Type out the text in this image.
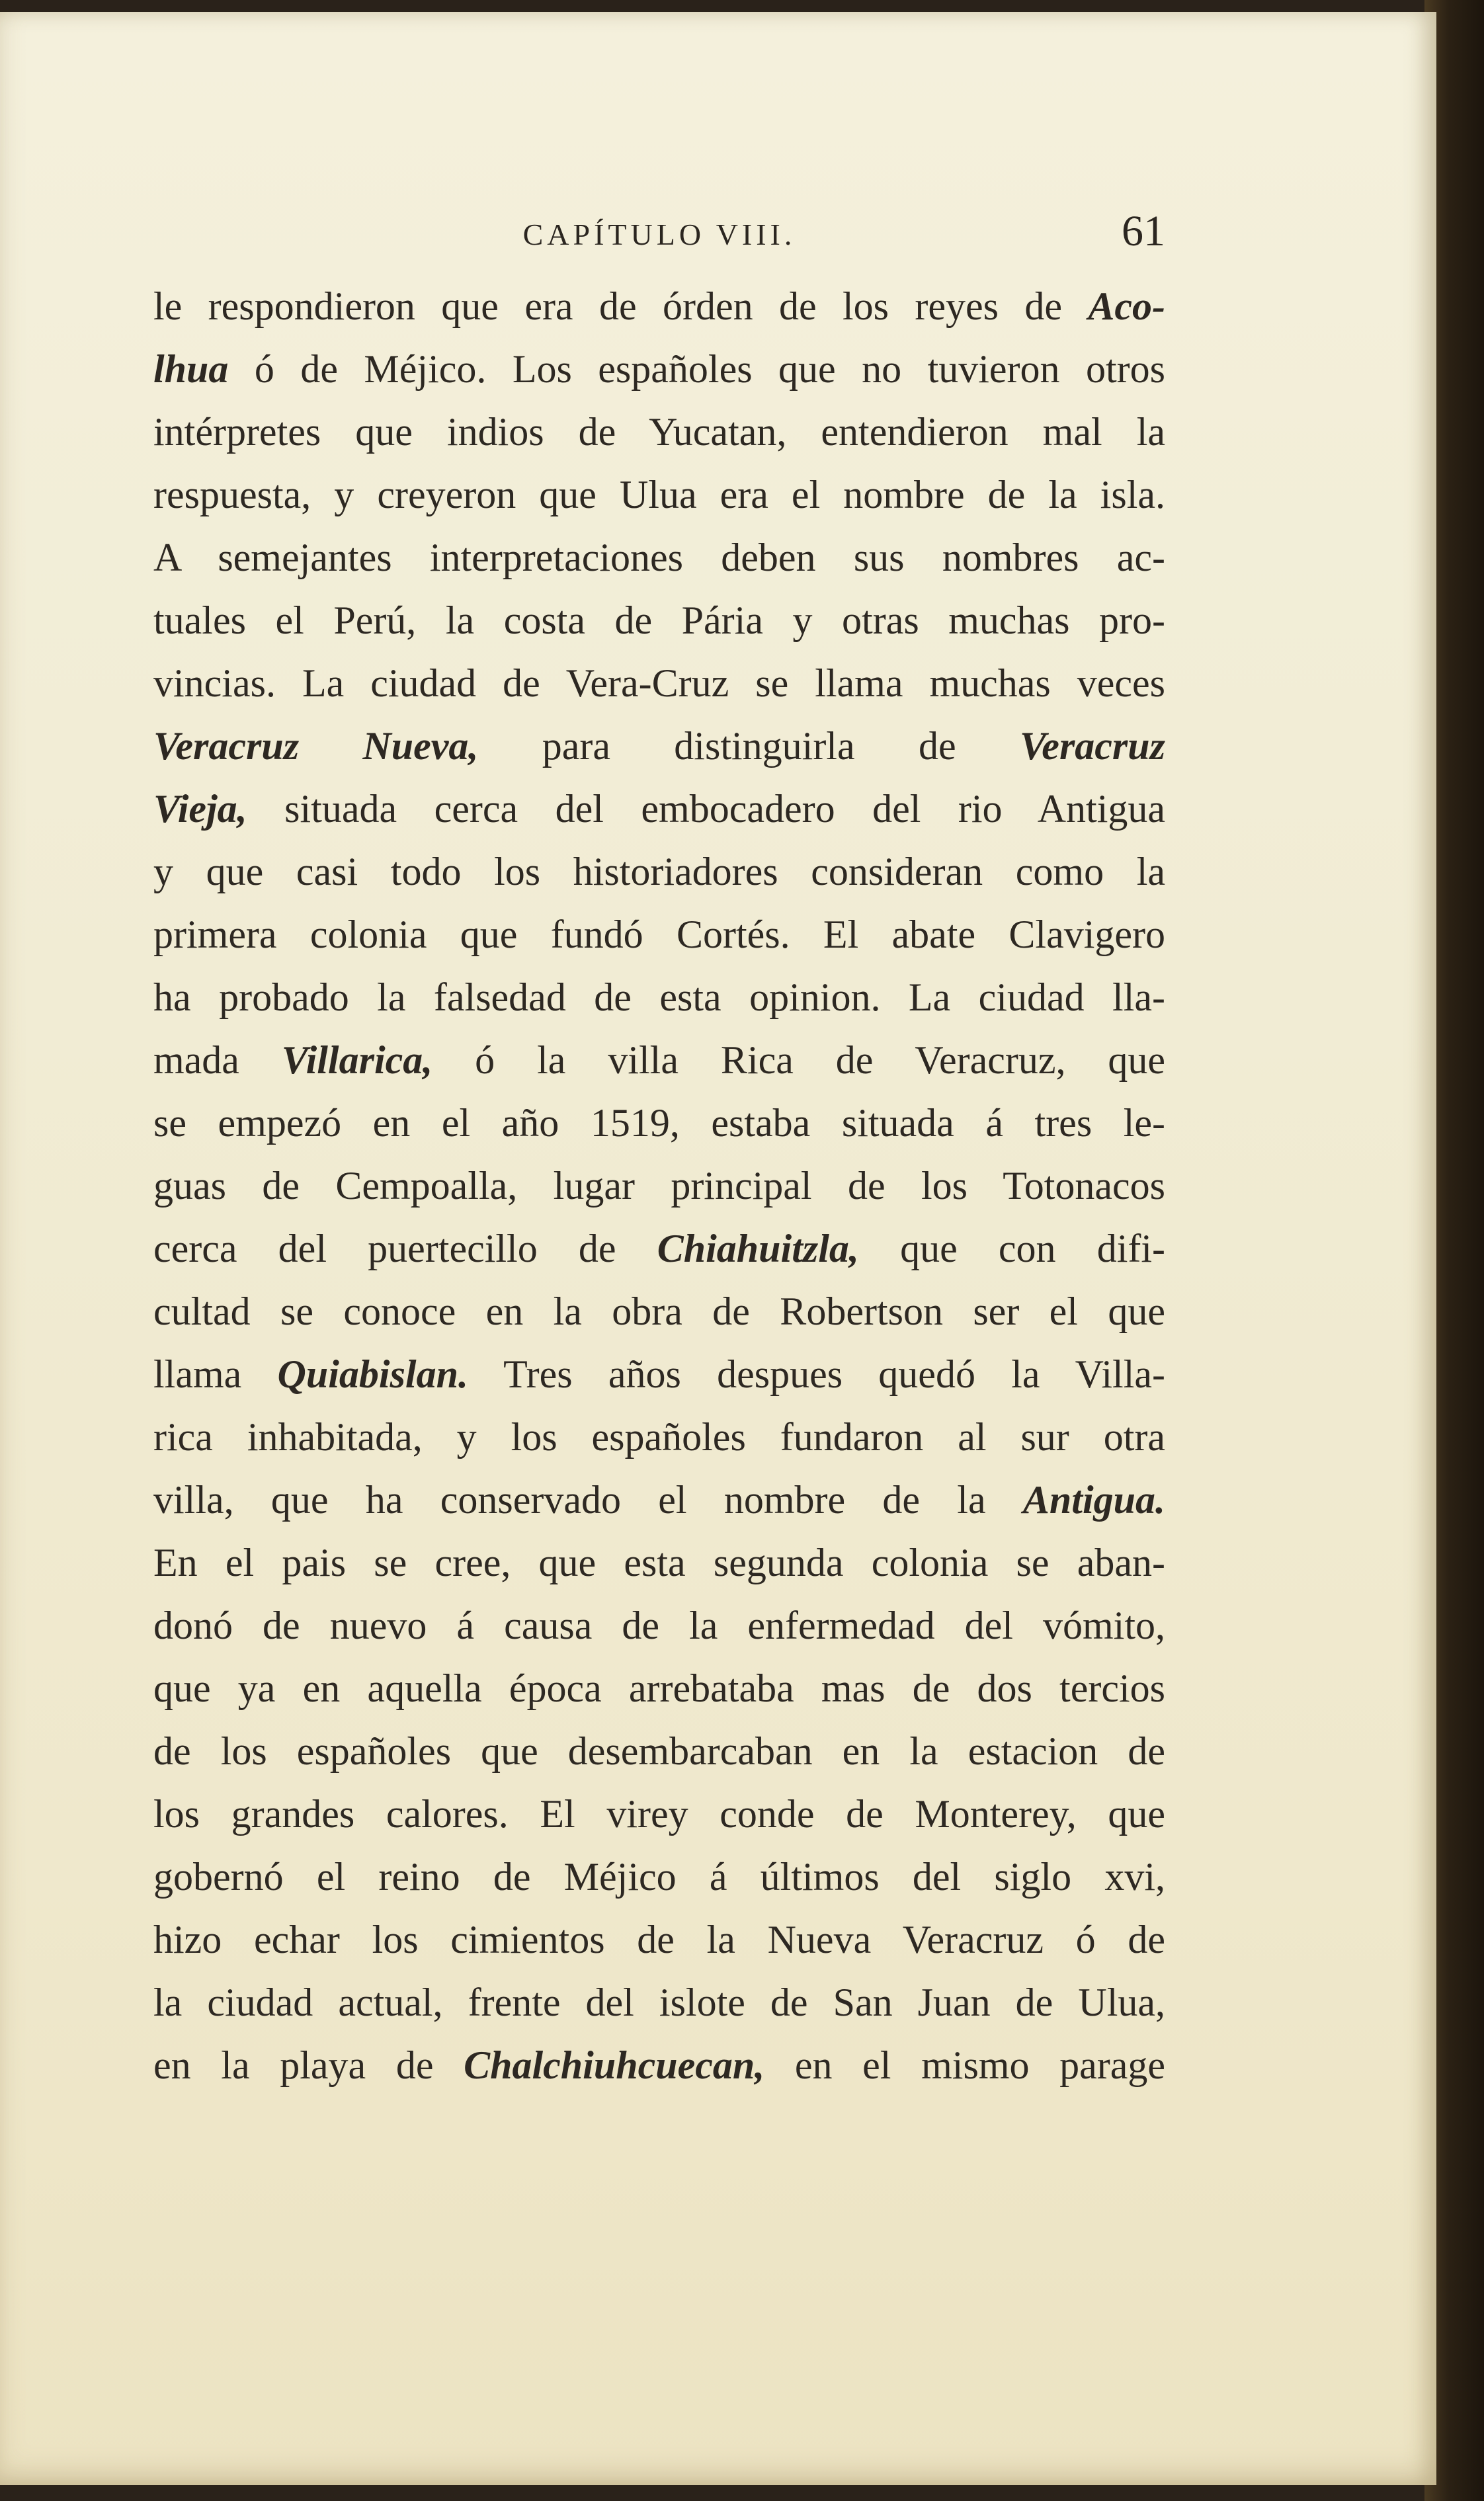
CAPÍTULO VIII.	61
le respondieron que era de órden de los reyes de Aco-
lhua ó de Méjico. Los españoles que no tuvieron otros
intérpretes que indios de Yucatan, entendieron mal la
respuesta, y creyeron que Ulua era el nombre de la isla.
A semejantes interpretaciones deben sus nombres ac-
tuales el Perú, la costa de Pária y otras muchas pro-
vincias. La ciudad de Vera-Cruz se llama muchas veces
Veracruz Nueva, para distinguirla de Veracruz
Vieja, situada cerca del embocadero del rio Antigua
y que casi todo los historiadores consideran como la
primera colonia que fundó Cortés. El abate Clavigero
ha probado la falsedad de esta opinion. La ciudad lla-
mada Villarica, ó la villa Rica de Veracruz, que
se empezó en el año 1519, estaba situada á tres le-
guas de Cempoalla, lugar principal de los Totonacos
cerca del puertecillo de Chiahuitzla, que con difi-
cultad se conoce en la obra de Robertson ser el que
llama Quiabislan. Tres años despues quedó la Villa-
rica inhabitada, y los españoles fundaron al sur otra
villa, que ha conservado el nombre de la Antigua.
En el pais se cree, que esta segunda colonia se aban-
donó de nuevo á causa de la enfermedad del vómito,
que ya en aquella época arrebataba mas de dos tercios
de los españoles que desembarcaban en la estacion de
los grandes calores. El virey conde de Monterey, que
gobernó el reino de Méjico á últimos del siglo xvi,
hizo echar los cimientos de la Nueva Veracruz ó de
la ciudad actual, frente del islote de San Juan de Ulua,
en la playa de Chalchiuhcuecan, en el mismo parage
